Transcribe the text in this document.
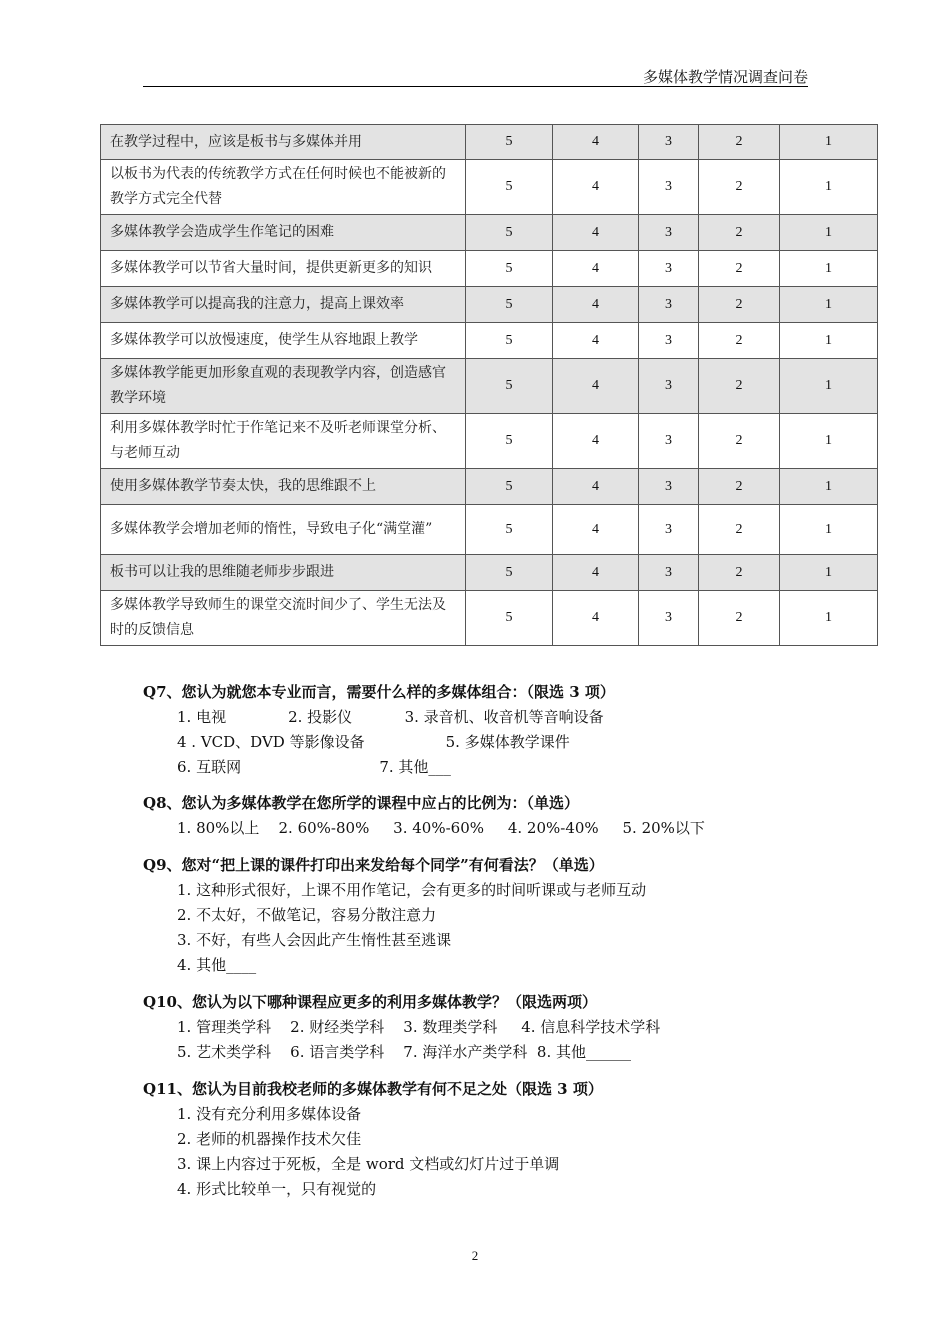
多媒体教学情况调查问卷
在教学过程中，应该是板书与多媒体并用	5	4	3	2	1
以板书为代表的传统教学方式在任何时候也不能被新的教学方式完全代替	5	4	3	2	1
多媒体教学会造成学生作笔记的困难	5	4	3	2	1
多媒体教学可以节省大量时间，提供更新更多的知识	5	4	3	2	1
多媒体教学可以提高我的注意力，提高上课效率	5	4	3	2	1
多媒体教学可以放慢速度，使学生从容地跟上教学	5	4	3	2	1
多媒体教学能更加形象直观的表现教学内容，创造感官教学环境	5	4	3	2	1
利用多媒体教学时忙于作笔记来不及听老师课堂分析、与老师互动	5	4	3	2	1
使用多媒体教学节奏太快，我的思维跟不上	5	4	3	2	1
多媒体教学会增加老师的惰性，导致电子化“满堂灌”	5	4	3	2	1
板书可以让我的思维随老师步步跟进	5	4	3	2	1
多媒体教学导致师生的课堂交流时间少了、学生无法及时的反馈信息	5	4	3	2	1
Q7、您认为就您本专业而言，需要什么样的多媒体组合：（限选 3 项）
1. 电视             2. 投影仪           3. 录音机、收音机等音响设备
4 . VCD、DVD 等影像设备                 5. 多媒体教学课件
6. 互联网                             7. 其他___
Q8、您认为多媒体教学在您所学的课程中应占的比例为：（单选）
1. 80%以上    2. 60%-80%     3. 40%-60%     4. 20%-40%     5. 20%以下
Q9、您对“把上课的课件打印出来发给每个同学”有何看法？（单选）
1. 这种形式很好，上课不用作笔记，会有更多的时间听课或与老师互动
2. 不太好，不做笔记，容易分散注意力
3. 不好，有些人会因此产生惰性甚至逃课
4. 其他____
Q10、您认为以下哪种课程应更多的利用多媒体教学？（限选两项）
1. 管理类学科    2. 财经类学科    3. 数理类学科     4. 信息科学技术学科
5. 艺术类学科    6. 语言类学科    7. 海洋水产类学科  8. 其他______
Q11、您认为目前我校老师的多媒体教学有何不足之处（限选 3 项）
1. 没有充分利用多媒体设备
2. 老师的机器操作技术欠佳
3. 课上内容过于死板，全是 word 文档或幻灯片过于单调
4. 形式比较单一，只有视觉的
2
